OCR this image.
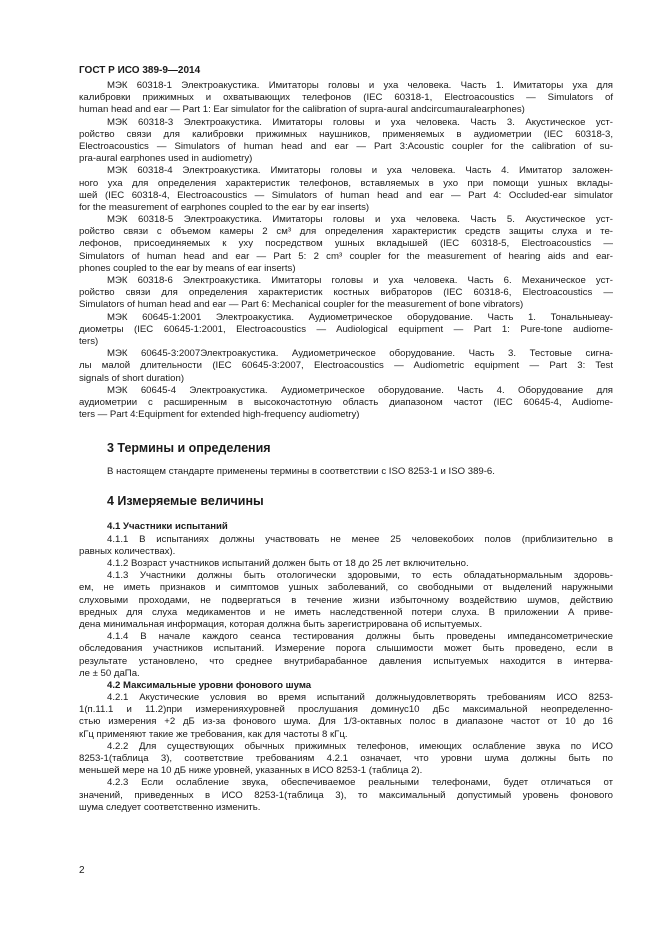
ГОСТ Р ИСО 389-9—2014
МЭК 60318-1 Электроакустика. Имитаторы головы и уха человека. Часть 1. Имитаторы уха для
калибровки прижимных и охватывающих телефонов (IEC 60318-1, Electroacoustics — Simulators of
human head and ear — Part 1: Ear simulator for the calibration of supra-aural andcircumauralearphones)
МЭК 60318-3 Электроакустика. Имитаторы головы и уха человека. Часть 3. Акустическое уст-
ройство связи для калибровки прижимных наушников, применяемых в аудиометрии (IEC 60318-3,
Electroacoustics — Simulators of human head and ear — Part 3:Acoustic coupler for the calibration of su-
pra-aural earphones used in audiometry)
МЭК 60318-4 Электроакустика. Имитаторы головы и уха человека. Часть 4. Имитатор заложен-
ного уха для определения характеристик телефонов, вставляемых в ухо при помощи ушных вклады-
шей (IEC 60318-4, Electroacoustics — Simulators of human head and ear — Part 4: Occluded-ear simulator
for the measurement of earphones coupled to the ear by ear inserts)
МЭК 60318-5 Электроакустика. Имитаторы головы и уха человека. Часть 5. Акустическое уст-
ройство связи с объемом камеры 2 см³ для определения характеристик средств защиты слуха и те-
лефонов, присоединяемых к уху посредством ушных вкладышей (IEC 60318-5, Electroacoustics —
Simulators of human head and ear — Part 5: 2 cm³ coupler for the measurement of hearing aids and ear-
phones coupled to the ear by means of ear inserts)
МЭК 60318-6 Электроакустика. Имитаторы головы и уха человека. Часть 6. Механическое уст-
ройство связи для определения характеристик костных вибраторов (IEC 60318-6, Electroacoustics —
Simulators of human head and ear — Part 6: Mechanical coupler for the measurement of bone vibrators)
МЭК 60645-1:2001 Электроакустика. Аудиометрическое оборудование. Часть 1. Тональныеау-
диометры (IEC 60645-1:2001, Electroacoustics — Audiological equipment — Part 1: Pure-tone audiome-
ters)
МЭК 60645-3:2007Электроакустика. Аудиометрическое оборудование. Часть 3. Тестовые сигна-
лы малой длительности (IEC 60645-3:2007, Electroacoustics — Audiometric equipment — Part 3: Test
signals of short duration)
МЭК 60645-4 Электроакустика. Аудиометрическое оборудование. Часть 4. Оборудование для
аудиометрии с расширенным в высокочастотную область диапазоном частот (IEC 60645-4, Audiome-
ters — Part 4:Equipment for extended high-frequency audiometry)
3 Термины и определения
В настоящем стандарте применены термины в соответствии с ISO 8253-1 и ISO 389-6.
4 Измеряемые величины
4.1 Участники испытаний
4.1.1 В испытаниях должны участвовать не менее 25 человекобоих полов (приблизительно в
равных количествах).
4.1.2 Возраст участников испытаний должен быть от 18 до 25 лет включительно.
4.1.3 Участники должны быть отологически здоровыми, то есть обладатьнормальным здоровь-
ем, не иметь признаков и симптомов ушных заболеваний, со свободными от выделений наружными
слуховыми проходами, не подвергаться в течение жизни избыточному воздействию шумов, действию
вредных для слуха медикаментов и не иметь наследственной потери слуха. В приложении А приве-
дена минимальная информация, которая должна быть зарегистрирована об испытуемых.
4.1.4 В начале каждого сеанса тестирования должны быть проведены импедансометрические
обследования участников испытаний. Измерение порога слышимости может быть проведено, если в
результате установлено, что среднее внутрибарабанное давления испытуемых находится в интерва-
ле ± 50 даПа.
4.2 Максимальные уровни фонового шума
4.2.1 Акустические условия во время испытаний должныудовлетворять требованиям ИСО 8253-
1(п.11.1 и 11.2)при измеренияхуровней прослушания доминус10 дБс максимальной неопределенно-
стью измерения +2 дБ из-за фонового шума. Для 1/3-октавных полос в диапазоне частот от 10 до 16
кГц применяют такие же требования, как для частоты 8 кГц.
4.2.2 Для существующих обычных прижимных телефонов, имеющих ослабление звука по ИСО
8253-1(таблица 3), соответствие требованиям 4.2.1 означает, что уровни шума должны быть по
меньшей мере на 10 дБ ниже уровней, указанных в ИСО 8253-1 (таблица 2).
4.2.3 Если ослабление звука, обеспечиваемое реальными телефонами, будет отличаться от
значений, приведенных в ИСО 8253-1(таблица 3), то максимальный допустимый уровень фонового
шума следует соответственно изменить.
2
